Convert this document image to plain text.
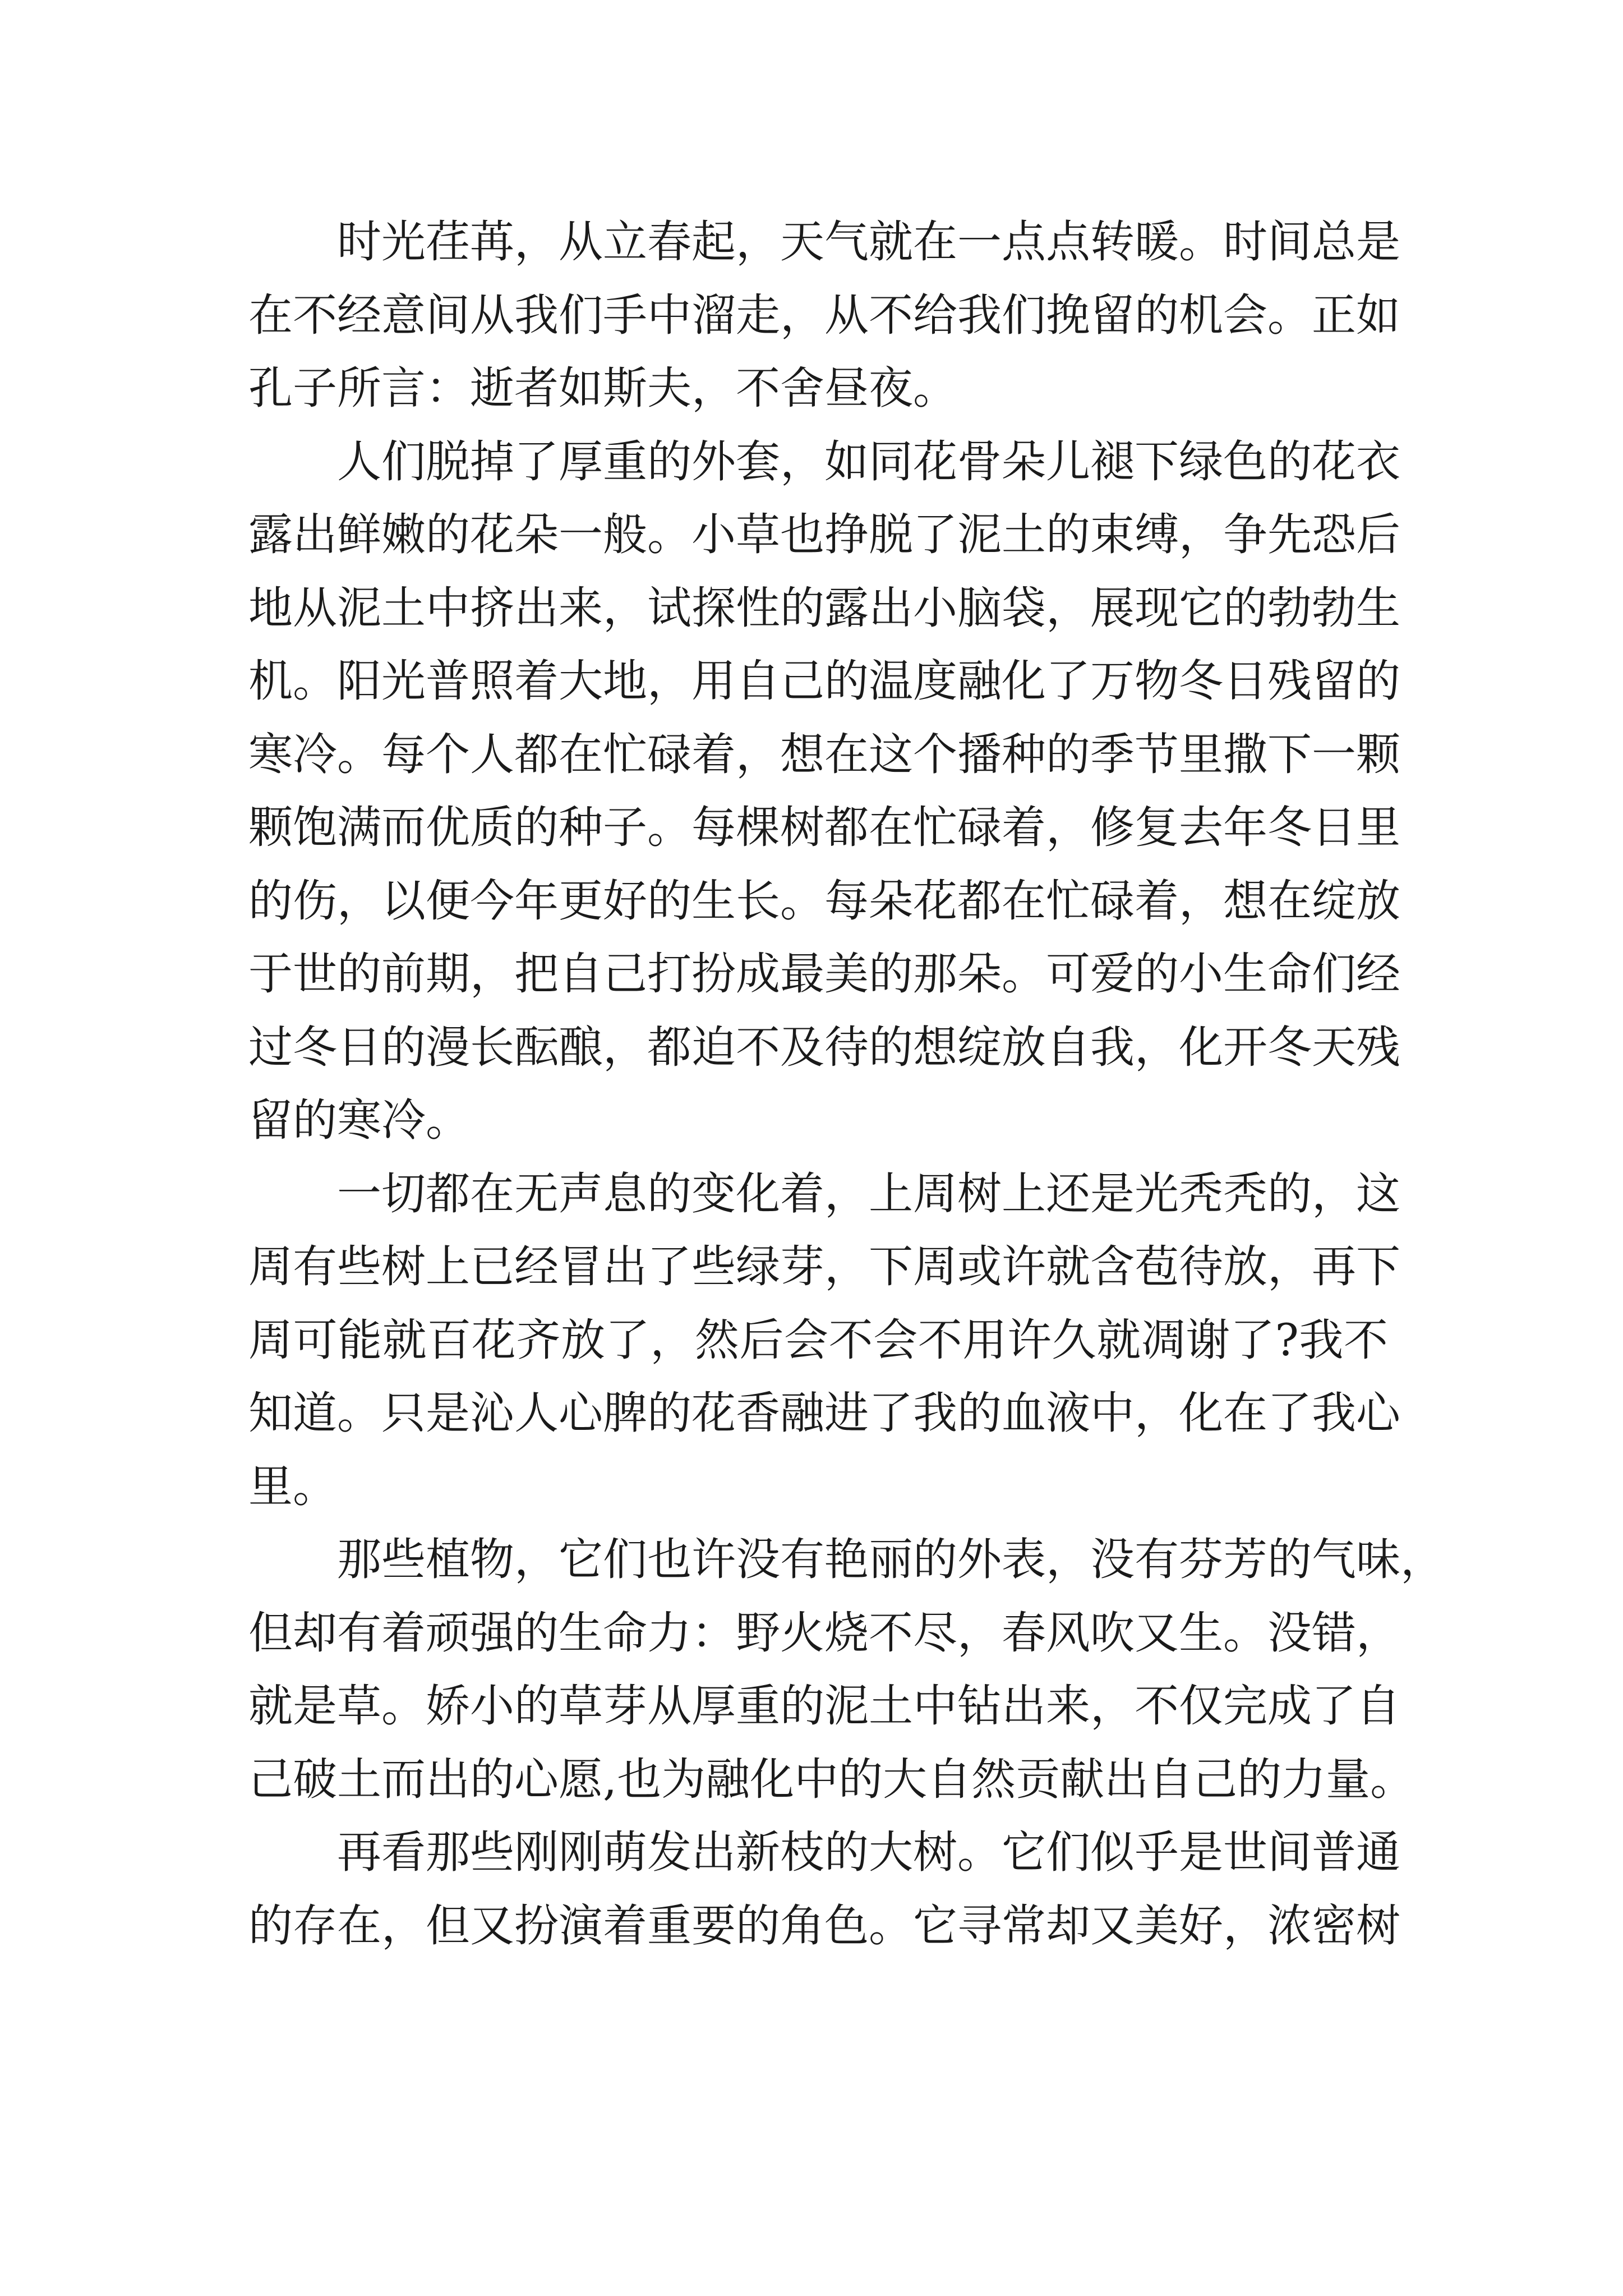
时光荏苒，从立春起，天气就在一点点转暖。时间总是
在不经意间从我们手中溜走，从不给我们挽留的机会。正如
孔子所言：逝者如斯夫，不舍昼夜。
人们脱掉了厚重的外套，如同花骨朵儿褪下绿色的花衣
露出鲜嫩的花朵一般。小草也挣脱了泥土的束缚，争先恐后
地从泥土中挤出来，试探性的露出小脑袋，展现它的勃勃生
机。阳光普照着大地，用自己的温度融化了万物冬日残留的
寒冷。每个人都在忙碌着，想在这个播种的季节里撒下一颗
颗饱满而优质的种子。每棵树都在忙碌着，修复去年冬日里
的伤，以便今年更好的生长。每朵花都在忙碌着，想在绽放
于世的前期，把自己打扮成最美的那朵。可爱的小生命们经
过冬日的漫长酝酿，都迫不及待的想绽放自我，化开冬天残
留的寒冷。
一切都在无声息的变化着，上周树上还是光秃秃的，这
周有些树上已经冒出了些绿芽，下周或许就含苞待放，再下
周可能就百花齐放了，然后会不会不用许久就凋谢了?我不
知道。只是沁人心脾的花香融进了我的血液中，化在了我心
里。
那些植物，它们也许没有艳丽的外表，没有芬芳的气味，
但却有着顽强的生命力：野火烧不尽，春风吹又生。没错，
就是草。娇小的草芽从厚重的泥土中钻出来，不仅完成了自
己破土而出的心愿,也为融化中的大自然贡献出自己的力量。
再看那些刚刚萌发出新枝的大树。它们似乎是世间普通
的存在，但又扮演着重要的角色。它寻常却又美好，浓密树
